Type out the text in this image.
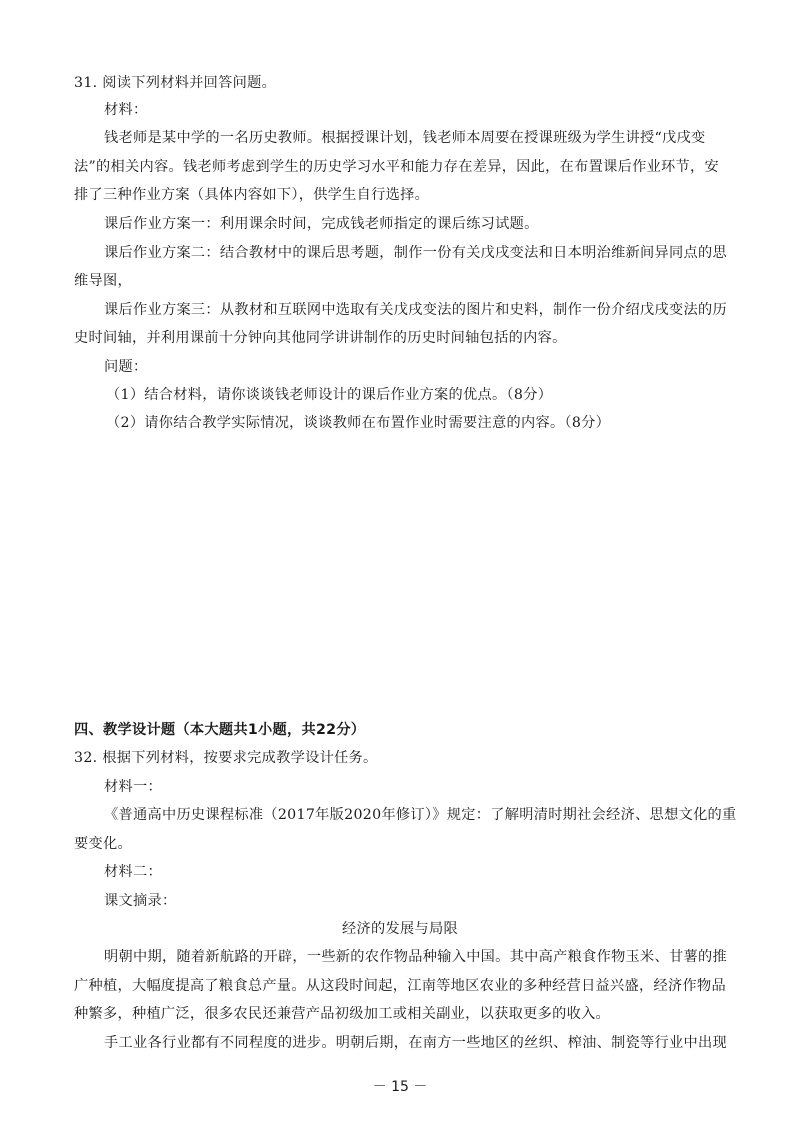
31. 阅读下列材料并回答问题。
材料：
钱老师是某中学的一名历史教师。根据授课计划，钱老师本周要在授课班级为学生讲授“戊戌变
法”的相关内容。钱老师考虑到学生的历史学习水平和能力存在差异，因此，在布置课后作业环节，安
排了三种作业方案（具体内容如下），供学生自行选择。
课后作业方案一：利用课余时间，完成钱老师指定的课后练习试题。
课后作业方案二：结合教材中的课后思考题，制作一份有关戊戌变法和日本明治维新间异同点的思
维导图，
课后作业方案三：从教材和互联网中选取有关戊戌变法的图片和史料，制作一份介绍戊戌变法的历
史时间轴，并利用课前十分钟向其他同学讲讲制作的历史时间轴包括的内容。
问题：
（1）结合材料，请你谈谈钱老师设计的课后作业方案的优点。（8分）
（2）请你结合教学实际情况，谈谈教师在布置作业时需要注意的内容。（8分）
四、教学设计题（本大题共1小题，共22分）
32. 根据下列材料，按要求完成教学设计任务。
材料一：
《普通高中历史课程标准（2017年版2020年修订）》规定：了解明清时期社会经济、思想文化的重
要变化。
材料二：
课文摘录：
经济的发展与局限
明朝中期，随着新航路的开辟，一些新的农作物品种输入中国。其中高产粮食作物玉米、甘薯的推
广种植，大幅度提高了粮食总产量。从这段时间起，江南等地区农业的多种经营日益兴盛，经济作物品
种繁多，种植广泛，很多农民还兼营产品初级加工或相关副业，以获取更多的收入。
手工业各行业都有不同程度的进步。明朝后期，在南方一些地区的丝织、榨油、制瓷等行业中出现
－ 15 －
